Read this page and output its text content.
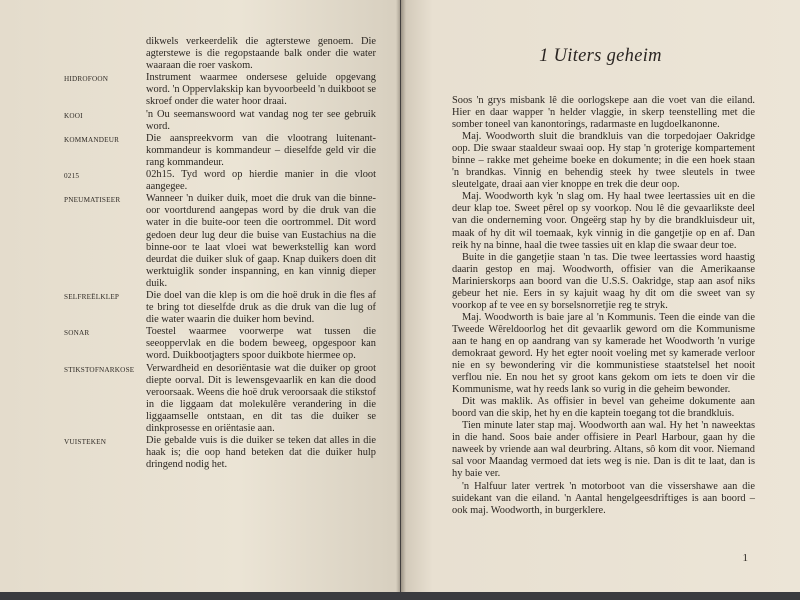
dikwels verkeerdelik die agterstewe genoem. Die agterstewe is die regopstaande balk onder die water waaraan die roer vaskom.
HIDROFOON	Instrument waarmee ondersese geluide opgevang word. 'n Oppervlakskip kan byvoorbeeld 'n duikboot se skroef onder die water hoor draai.
KOOI	'n Ou seemanswoord wat vandag nog ter see gebruik word.
KOMMANDEUR	Die aanspreekvorm van die vlootrang luitenant-kommandeur is kommandeur – dieselfde geld vir die rang kommandeur.
0215	02h15. Tyd word op hierdie manier in die vloot aangegee.
PNEUMATISEER	Wanneer 'n duiker duik, moet die druk van die binne-oor voortdurend aangepas word by die druk van die water in die buite-oor teen die oortrommel. Dit word gedoen deur lug deur die buise van Eustachius na die binne-oor te laat vloei wat bewerkstellig kan word deurdat die duiker sluk of gaap. Knap duikers doen dit werktuiglik sonder inspanning, en kan vinnig dieper duik.
SELFREËLKLEP	Die doel van die klep is om die hoë druk in die fles af te bring tot dieselfde druk as die druk van die lug of die water waarin die duiker hom bevind.
SONAR	Toestel waarmee voorwerpe wat tussen die seeoppervlak en die bodem beweeg, opgespoor kan word. Duikbootjagters spoor duikbote hiermee op.
STIKSTOFNARKOSE	Verwardheid en desoriëntasie wat die duiker op groot diepte oorval. Dit is lewensgevaarlik en kan die dood veroorsaak. Weens die hoë druk veroorsaak die stikstof in die liggaam dat molekulêre verandering in die liggaamselle ontstaan, en dit tas die duiker se dinkprosesse en oriëntasie aan.
VUISTEKEN	Die gebalde vuis is die duiker se teken dat alles in die haak is; die oop hand beteken dat die duiker hulp dringend nodig het.
1 Uiters geheim

Soos 'n grys misbank lê die oorlogskepe aan die voet van die eiland. Hier en daar wapper 'n helder vlaggie, in skerp teenstelling met die somber toneel van kanontorings, radarmaste en lugdoelkanonne.

Maj. Woodworth sluit die brandkluis van die torpedojaer Oakridge oop. Die swaar staaldeur swaai oop. Hy stap 'n groterige kompartement binne – rakke met geheime boeke en dokumente; in die een hoek staan 'n brandkas. Vinnig en behendig steek hy twee sleutels in twee sleutelgate, draai aan vier knoppe en trek die deur oop.

Maj. Woodworth kyk 'n slag om. Hy haal twee leertassies uit en die deur klap toe. Sweet pêrel op sy voorkop. Nou lê die gevaarlikste deel van die onderneming voor. Ongeërg stap hy by die brandkluisdeur uit, maak of hy dit wil toemaak, kyk vinnig in die gangetjie op en af. Dan reik hy na binne, haal die twee tassies uit en klap die swaar deur toe.

Buite in die gangetjie staan 'n tas. Die twee leertassies word haastig daarin gestop en maj. Woodworth, offisier van die Amerikaanse Marinierskorps aan boord van die U.S.S. Oakridge, stap aan asof niks gebeur het nie. Eers in sy kajuit waag hy dit om die sweet van sy voorkop af te vee en sy borselsnorretjie reg te stryk.

Maj. Woodworth is baie jare al 'n Kommunis. Teen die einde van die Tweede Wêreldoorlog het dit gevaarlik geword om die Kommunisme aan te hang en op aandrang van sy kamerade het Woodworth 'n vurige demokraat geword. Hy het egter nooit voeling met sy kamerade verloor nie en sy bewondering vir die kommunistiese staatstelsel het nooit verflou nie. En nou het sy groot kans gekom om iets te doen vir die Kommunisme, wat hy reeds lank so vurig in die geheim bewonder.

Dit was maklik. As offisier in bevel van geheime dokumente aan boord van die skip, het hy en die kaptein toegang tot die brandkluis.

Tien minute later stap maj. Woodworth aan wal. Hy het 'n naweektas in die hand. Soos baie ander offisiere in Pearl Harbour, gaan hy die naweek by vriende aan wal deurbring. Altans, sô kom dit voor. Niemand sal voor Maandag vermoed dat iets weg is nie. Dan is dit te laat, dan is hy baie ver.

'n Halfuur later vertrek 'n motorboot van die vissershawe aan die suidekant van die eiland. 'n Aantal hengelgeesdriftiges is aan boord – ook maj. Woodworth, in burgerklere.

1
